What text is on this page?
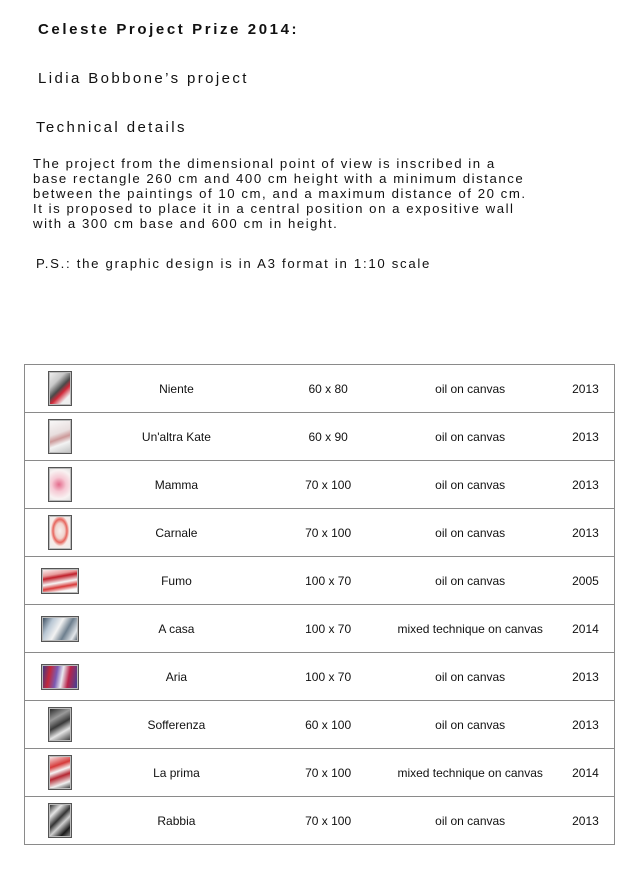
Celeste Project Prize 2014:
Lidia Bobbone’s project
Technical details
The project from the dimensional point of view is inscribed in a
base rectangle 260 cm and 400 cm height with a minimum distance
between the paintings of 10 cm, and a maximum distance of 20 cm.
It is proposed to place it in a central position on a expositive wall
with a 300 cm base and 600 cm in height.
P.S.: the graphic design is in A3 format in 1:10 scale
	Niente	60 x 80	oil on canvas	2013
	Un'altra Kate	60 x 90	oil on canvas	2013
	Mamma	70 x 100	oil on canvas	2013
	Carnale	70 x 100	oil on canvas	2013
	Fumo	100 x 70	oil on canvas	2005
	A casa	100 x 70	mixed technique on canvas	2014
	Aria	100 x 70	oil on canvas	2013
	Sofferenza	60 x 100	oil on canvas	2013
	La prima	70 x 100	mixed technique on canvas	2014
	Rabbia	70 x 100	oil on canvas	2013
